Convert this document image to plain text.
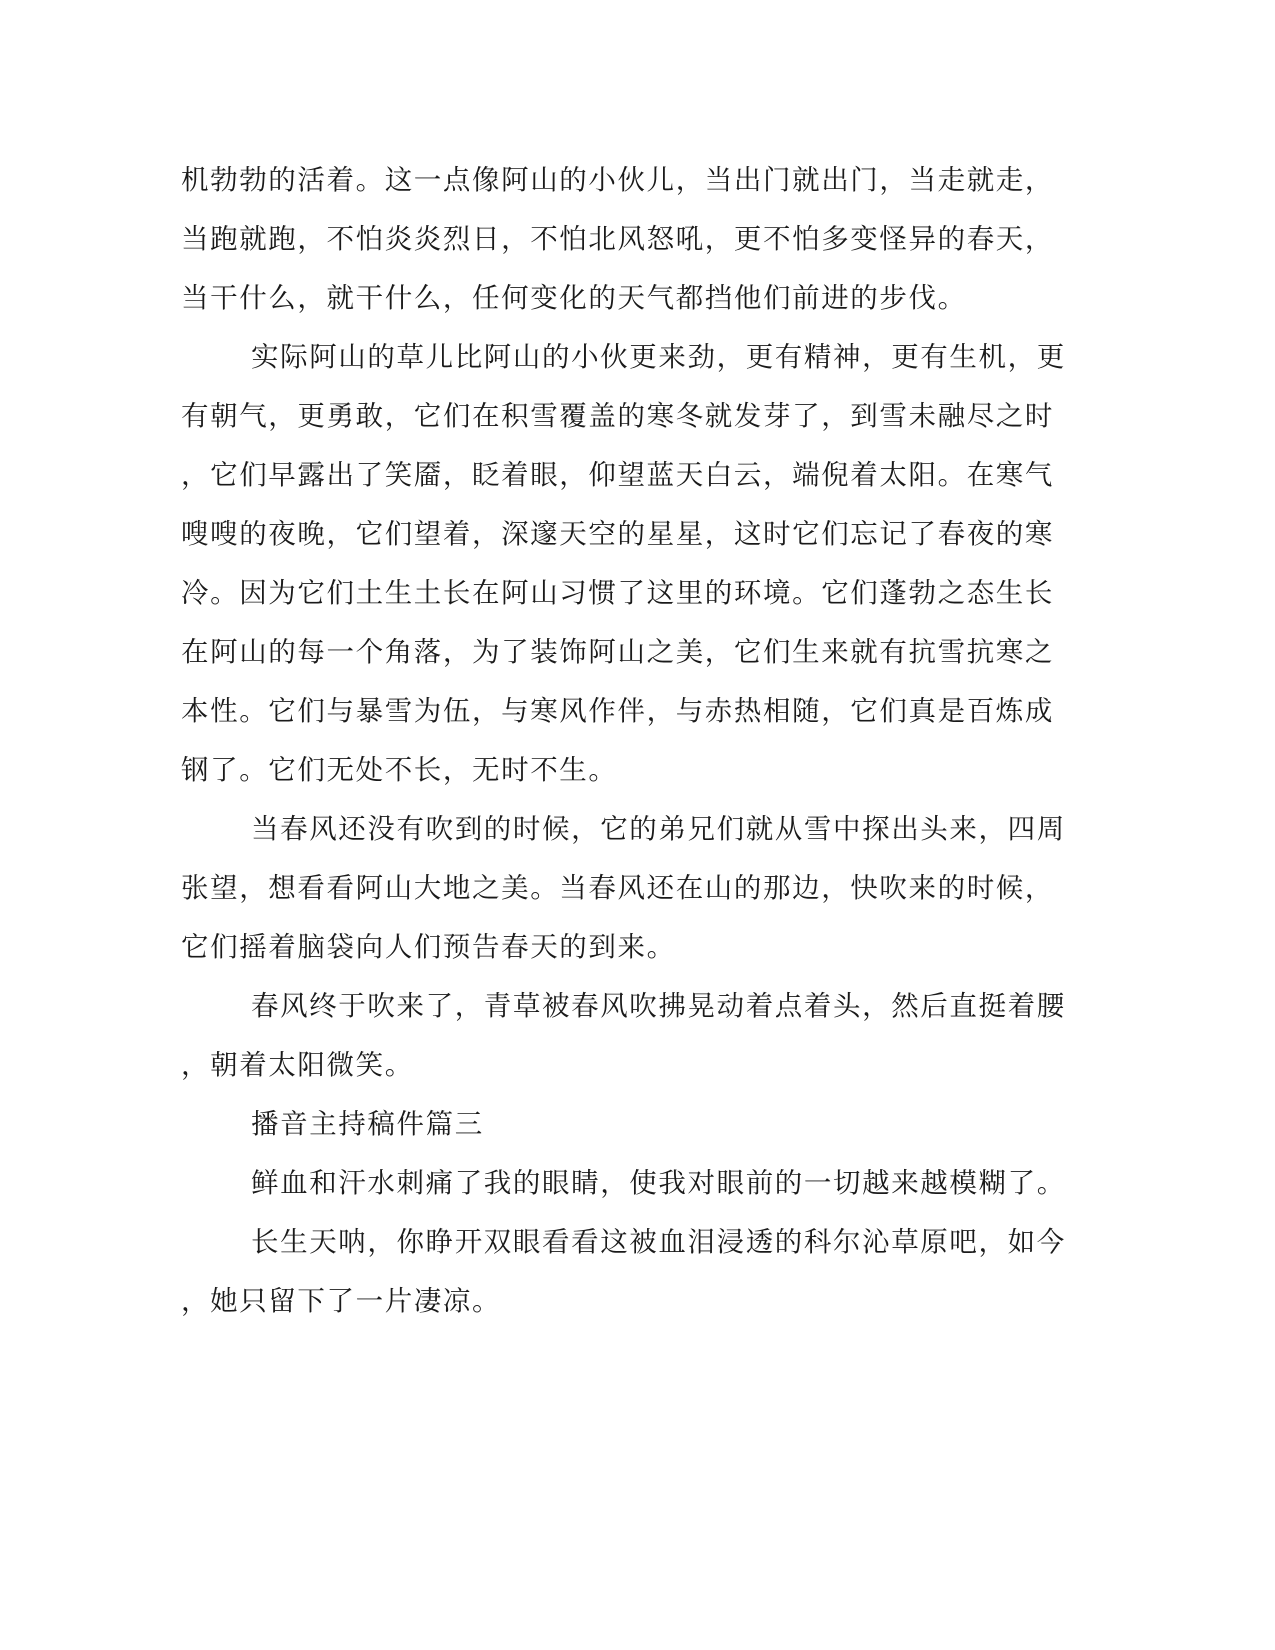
机勃勃的活着。这一点像阿山的小伙儿，当出门就出门，当走就走，
当跑就跑，不怕炎炎烈日，不怕北风怒吼，更不怕多变怪异的春天，
当干什么，就干什么，任何变化的天气都挡他们前进的步伐。
实际阿山的草儿比阿山的小伙更来劲，更有精神，更有生机，更
有朝气，更勇敢，它们在积雪覆盖的寒冬就发芽了，到雪未融尽之时
，它们早露出了笑靥，眨着眼，仰望蓝天白云，端倪着太阳。在寒气
嗖嗖的夜晚，它们望着，深邃天空的星星，这时它们忘记了春夜的寒
冷。因为它们土生土长在阿山习惯了这里的环境。它们蓬勃之态生长
在阿山的每一个角落，为了装饰阿山之美，它们生来就有抗雪抗寒之
本性。它们与暴雪为伍，与寒风作伴，与赤热相随，它们真是百炼成
钢了。它们无处不长，无时不生。
当春风还没有吹到的时候，它的弟兄们就从雪中探出头来，四周
张望，想看看阿山大地之美。当春风还在山的那边，快吹来的时候，
它们摇着脑袋向人们预告春天的到来。
春风终于吹来了，青草被春风吹拂晃动着点着头，然后直挺着腰
，朝着太阳微笑。
播音主持稿件篇三
鲜血和汗水刺痛了我的眼睛，使我对眼前的一切越来越模糊了。
长生天呐，你睁开双眼看看这被血泪浸透的科尔沁草原吧，如今
，她只留下了一片凄凉。
